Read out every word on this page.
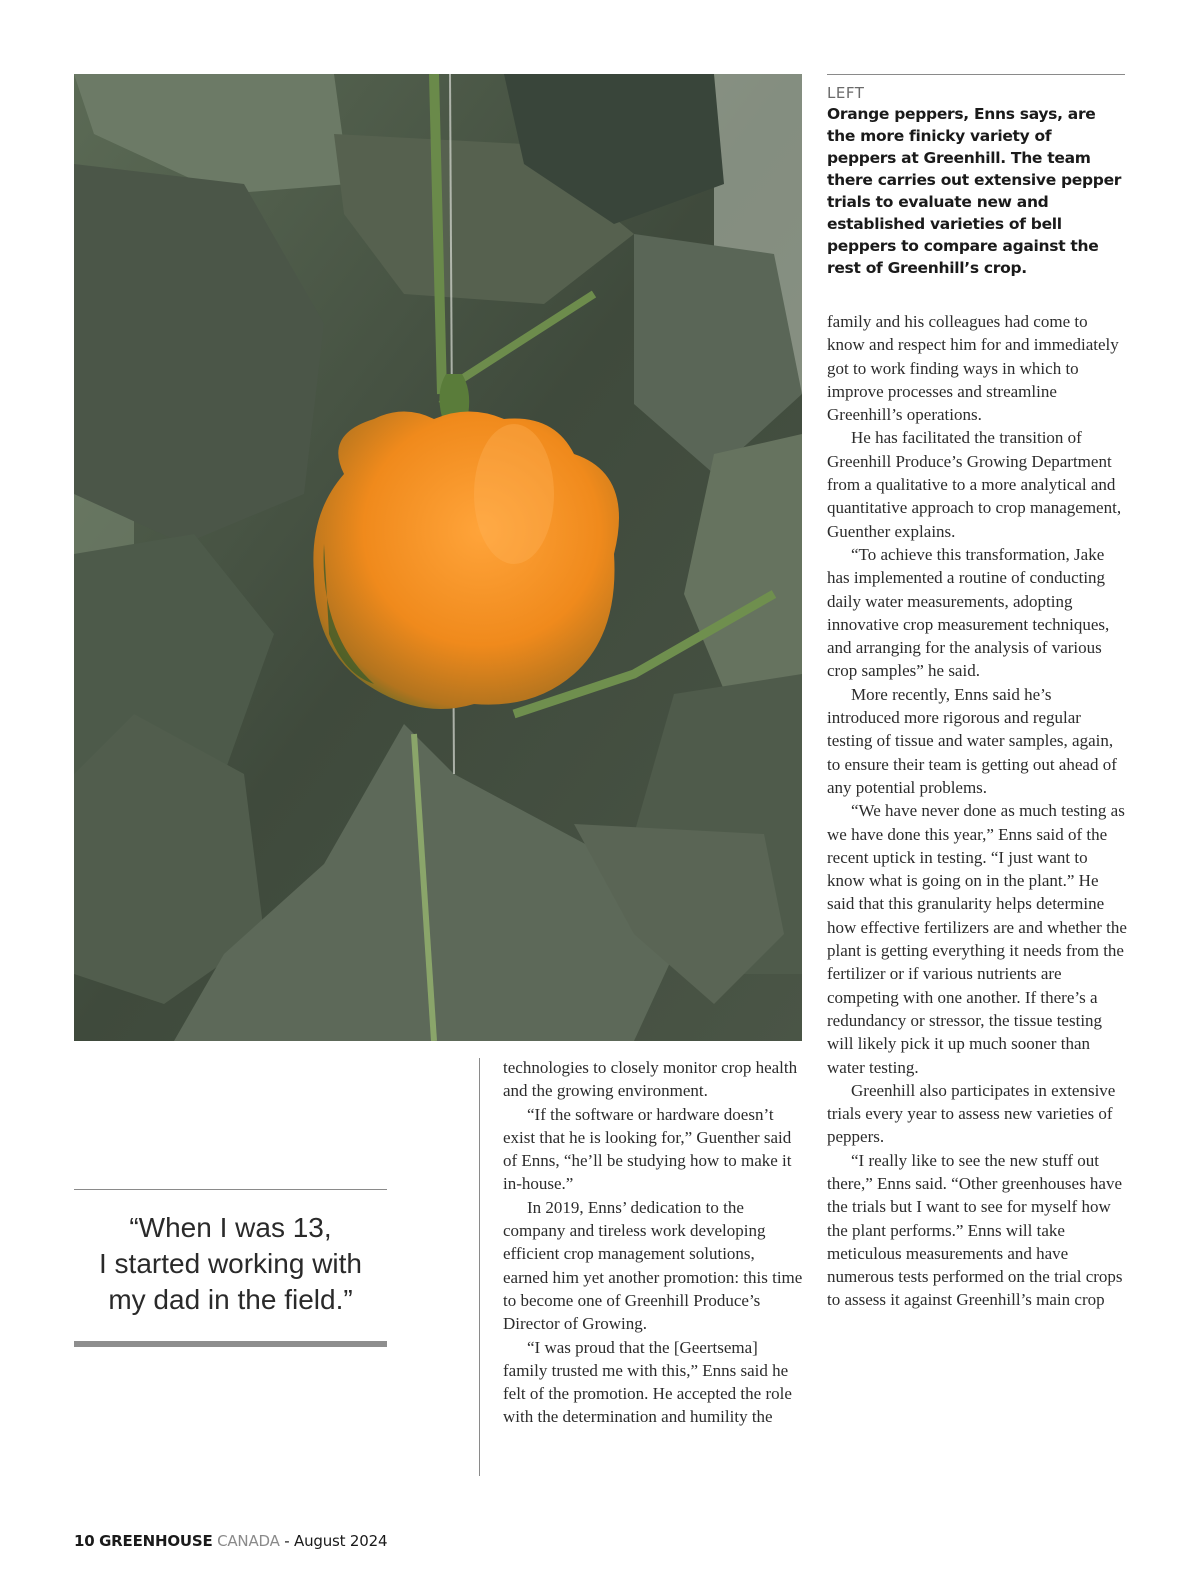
LEFT
Orange peppers, Enns says, are the more finicky variety of peppers at Greenhill. The team there carries out extensive pepper trials to evaluate new and established varieties of bell peppers to compare against the rest of Greenhill’s crop.

family and his colleagues had come to know and respect him for and immediately got to work finding ways in which to improve processes and streamline Greenhill’s operations.

He has facilitated the transition of Greenhill Produce’s Growing Department from a qualitative to a more analytical and quantitative approach to crop management, Guenther explains.

“To achieve this transformation, Jake has implemented a routine of conducting daily water measurements, adopting innovative crop measurement techniques, and arranging for the analysis of various crop samples” he said.

More recently, Enns said he’s introduced more rigorous and regular testing of tissue and water samples, again, to ensure their team is getting out ahead of any potential problems.

“We have never done as much testing as we have done this year,” Enns said of the recent uptick in testing. “I just want to know what is going on in the plant.” He said that this granularity helps determine how effective fertilizers are and whether the plant is getting everything it needs from the fertilizer or if various nutrients are competing with one another. If there’s a redundancy or stressor, the tissue testing will likely pick it up much sooner than water testing.

Greenhill also participates in extensive trials every year to assess new varieties of peppers.

“I really like to see the new stuff out there,” Enns said. “Other greenhouses have the trials but I want to see for myself how the plant performs.” Enns will take meticulous measurements and have numerous tests performed on the trial crops to assess it against Greenhill’s main crop

technologies to closely monitor crop health and the growing environment.

“If the software or hardware doesn’t exist that he is looking for,” Guenther said of Enns, “he’ll be studying how to make it in-house.”

In 2019, Enns’ dedication to the company and tireless work developing efficient crop management solutions, earned him yet another promotion: this time to become one of Greenhill Produce’s Director of Growing.

“I was proud that the [Geertsema] family trusted me with this,” Enns said he felt of the promotion. He accepted the role with the determination and humility the

“When I was 13,
I started working with
my dad in the field.”

10 GREENHOUSE CANADA - August 2024
